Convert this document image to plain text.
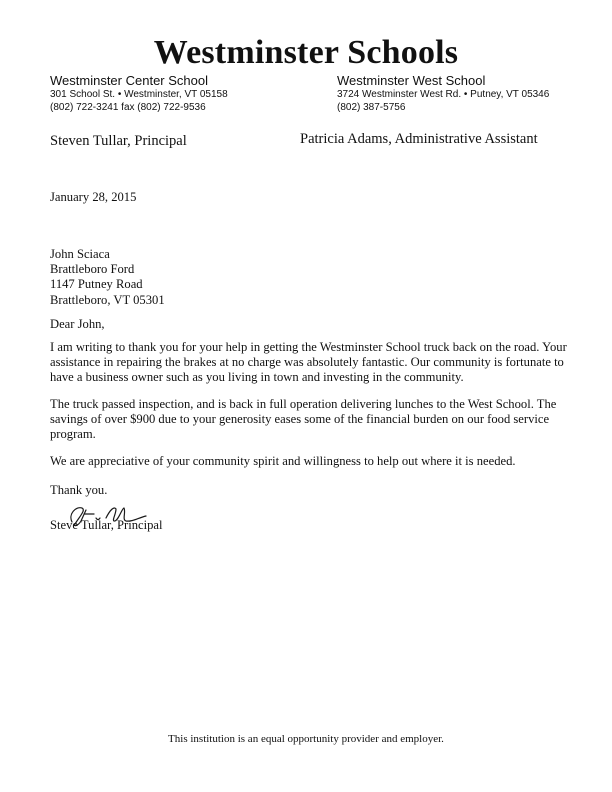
Westminster Schools
Westminster Center School
301 School St. • Westminster, VT 05158
(802) 722-3241 fax (802) 722-9536
Westminster West School
3724 Westminster West Rd. • Putney, VT 05346
(802) 387-5756
Steven Tullar, Principal	Patricia Adams, Administrative Assistant
January 28, 2015
John Sciaca
Brattleboro Ford
1147 Putney Road
Brattleboro, VT 05301
Dear John,
I am writing to thank you for your help in getting the Westminster School truck back on the road. Your
assistance in repairing the brakes at no charge was absolutely fantastic. Our community is fortunate to
have a business owner such as you living in town and investing in the community.
The truck passed inspection, and is back in full operation delivering lunches to the West School. The
savings of over $900 due to your generosity eases some of the financial burden on our food service
program.
We are appreciative of your community spirit and willingness to help out where it is needed.
Thank you.
Steve Tullar, Principal
This institution is an equal opportunity provider and employer.
